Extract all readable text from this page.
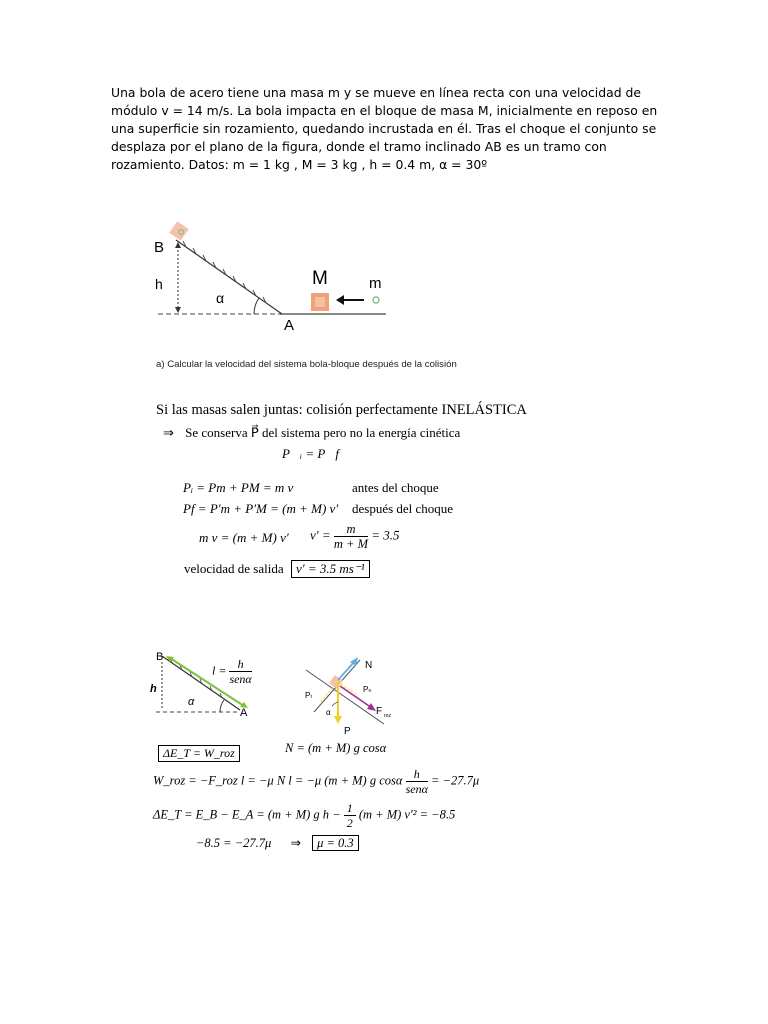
Una bola de acero tiene una masa m y se mueve en línea recta con una velocidad de módulo v = 14 m/s. La bola impacta en el bloque de masa M, inicialmente en reposo en una superficie sin rozamiento, quedando incrustada en él. Tras el choque el conjunto se desplaza por el plano de la figura, donde el tramo inclinado AB es un tramo con rozamiento. Datos: m = 1 kg , M = 3 kg , h = 0.4 m, α = 30º
B
h
α
M	m
A
a) Calcular la velocidad del sistema bola-bloque después de la colisión
Si las masas salen juntas: colisión perfectamente INELÁSTICA
⇒ Se conserva P⃗ del sistema pero no la energía cinética
P⃗ᵢ = P⃗f
Pᵢ = Pm + PM = m v	antes del choque
Pf = P′m + P′M = (m + M) v′ después del choque
m v = (m + M) v′ $v' = \frac{m}{m + M} = 3.5$
velocidad de salida v′ = 3.5 ms⁻¹
B
h
A
α
$l = \frac{h}{\text{senα}}$	N
Pₜ
Pₙ
F roz
α
P
ΔE_T = W_roz	N = (m + M) g cosα
W_roz = −F_roz l = −μ N l = −μ (m + M) g cosα $\frac{h}{\text{senα}} = -27.7\mu$
ΔE_T = E_B − E_A = (m + M) g $h - \frac{1}{2} (m + M) v'^2 = -8.5$
−8.5 = −27.7μ ⇒ μ = 0.3
